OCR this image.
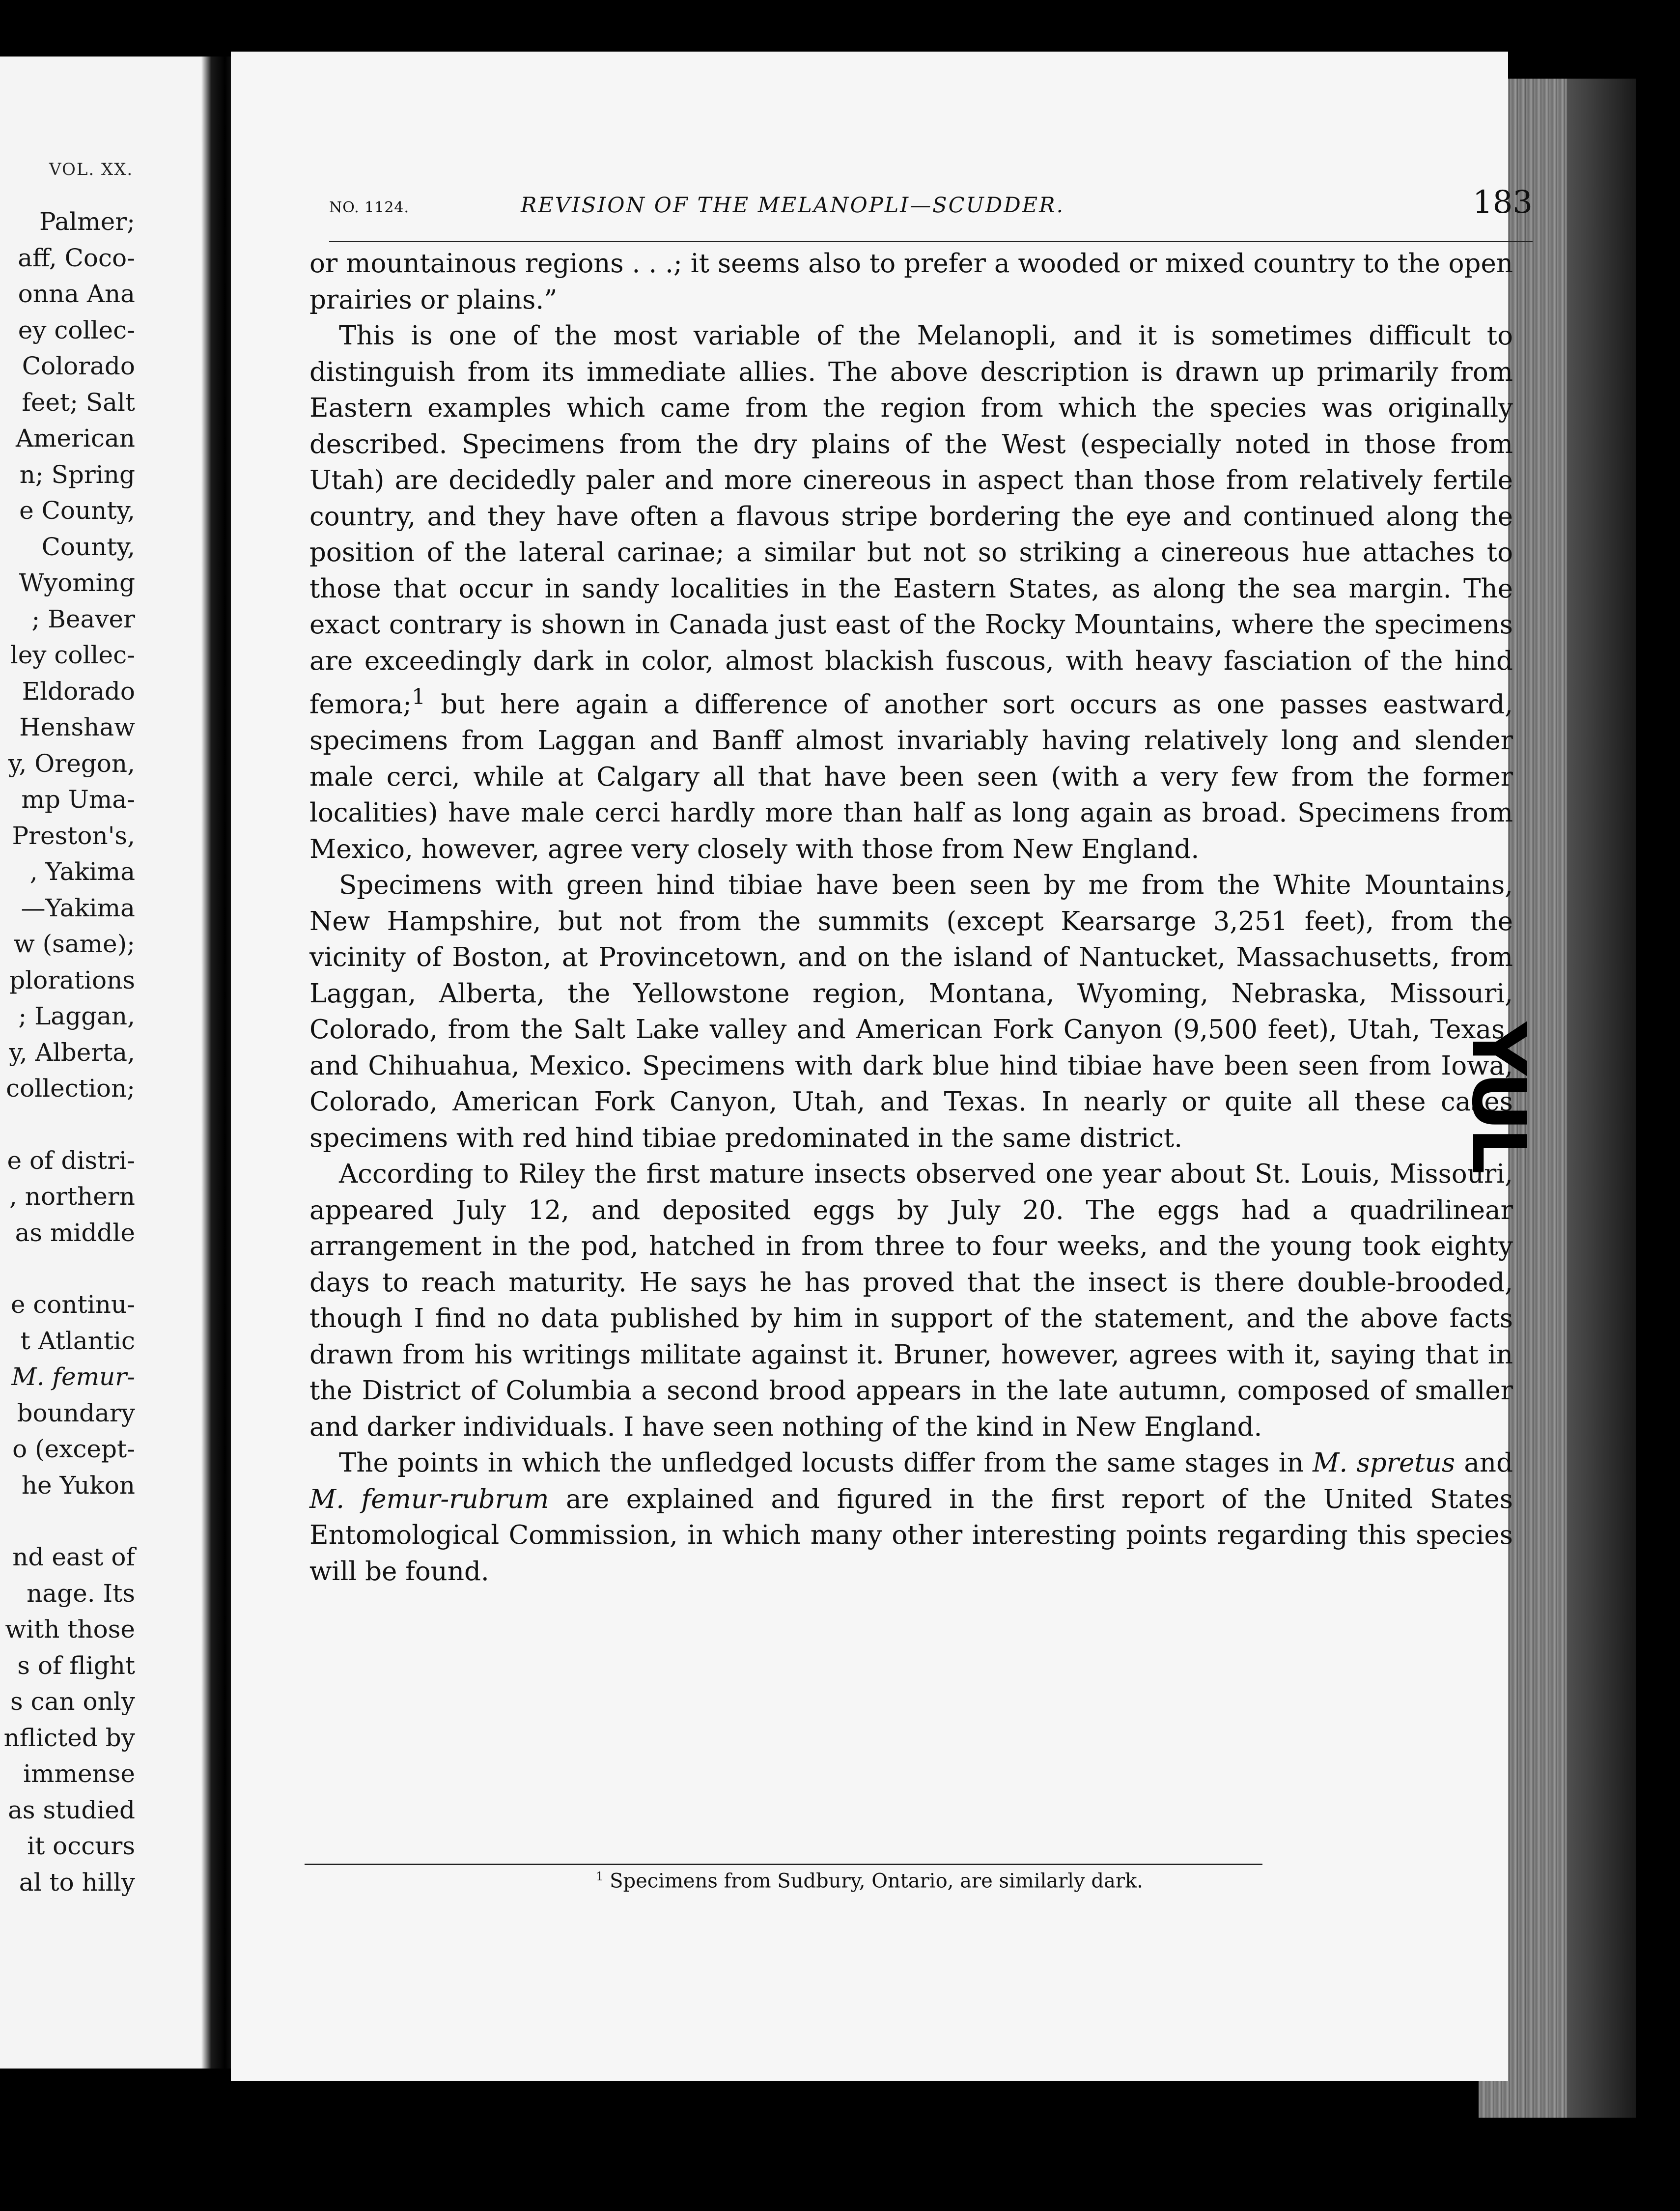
VOL. XX.
Palmer;
aff, Coco-
onna Ana
ey collec-
Colorado
feet; Salt
American
n; Spring
e County,
County,
Wyoming
; Beaver
ley collec-
Eldorado
Henshaw
y, Oregon,
mp Uma-
Preston's,
, Yakima
—Yakima
w (same);
plorations
; Laggan,
y, Alberta,
collection;
e of distri-
, northern
as middle
e continu-
t Atlantic
M. femur-
boundary
o (except-
he Yukon
nd east of
nage. Its
with those
s of flight
s can only
nflicted by
immense
as studied
it occurs
al to hilly
NO. 1124.	REVISION OF THE MELANOPLI—SCUDDER.	183

or mountainous regions . . .; it seems also to prefer a wooded or mixed country to the open prairies or plains.”

This is one of the most variable of the Melanopli, and it is sometimes difficult to distinguish from its immediate allies. The above description is drawn up primarily from Eastern examples which came from the region from which the species was originally described. Specimens from the dry plains of the West (especially noted in those from Utah) are decidedly paler and more cinereous in aspect than those from relatively fertile country, and they have often a flavous stripe bordering the eye and continued along the position of the lateral carinae; a similar but not so striking a cinereous hue attaches to those that occur in sandy localities in the Eastern States, as along the sea margin. The exact contrary is shown in Canada just east of the Rocky Mountains, where the specimens are exceedingly dark in color, almost blackish fuscous, with heavy fasciation of the hind femora;$^1$ but here again a difference of another sort occurs as one passes eastward, specimens from Laggan and Banff almost invariably having relatively long and slender male cerci, while at Calgary all that have been seen (with a very few from the former localities) have male cerci hardly more than half as long again as broad. Specimens from Mexico, however, agree very closely with those from New England.

Specimens with green hind tibiae have been seen by me from the White Mountains, New Hampshire, but not from the summits (except Kearsarge 3,251 feet), from the vicinity of Boston, at Provincetown, and on the island of Nantucket, Massachusetts, from Laggan, Alberta, the Yellowstone region, Montana, Wyoming, Nebraska, Missouri, Colorado, from the Salt Lake valley and American Fork Canyon (9,500 feet), Utah, Texas, and Chihuahua, Mexico. Specimens with dark blue hind tibiae have been seen from Iowa, Colorado, American Fork Canyon, Utah, and Texas. In nearly or quite all these cases specimens with red hind tibiae predominated in the same district.

According to Riley the first mature insects observed one year about St. Louis, Missouri, appeared July 12, and deposited eggs by July 20. The eggs had a quadrilinear arrangement in the pod, hatched in from three to four weeks, and the young took eighty days to reach maturity. He says he has proved that the insect is there double-brooded, though I find no data published by him in support of the statement, and the above facts drawn from his writings militate against it. Bruner, however, agrees with it, saying that in the District of Columbia a second brood appears in the late autumn, composed of smaller and darker individuals. I have seen nothing of the kind in New England.

The points in which the unfledged locusts differ from the same stages in M. spretus and M. femur-rubrum are explained and figured in the first report of the United States Entomological Commission, in which many other interesting points regarding this species will be found.

$^1$ Specimens from Sudbury, Ontario, are similarly dark.
YUL
